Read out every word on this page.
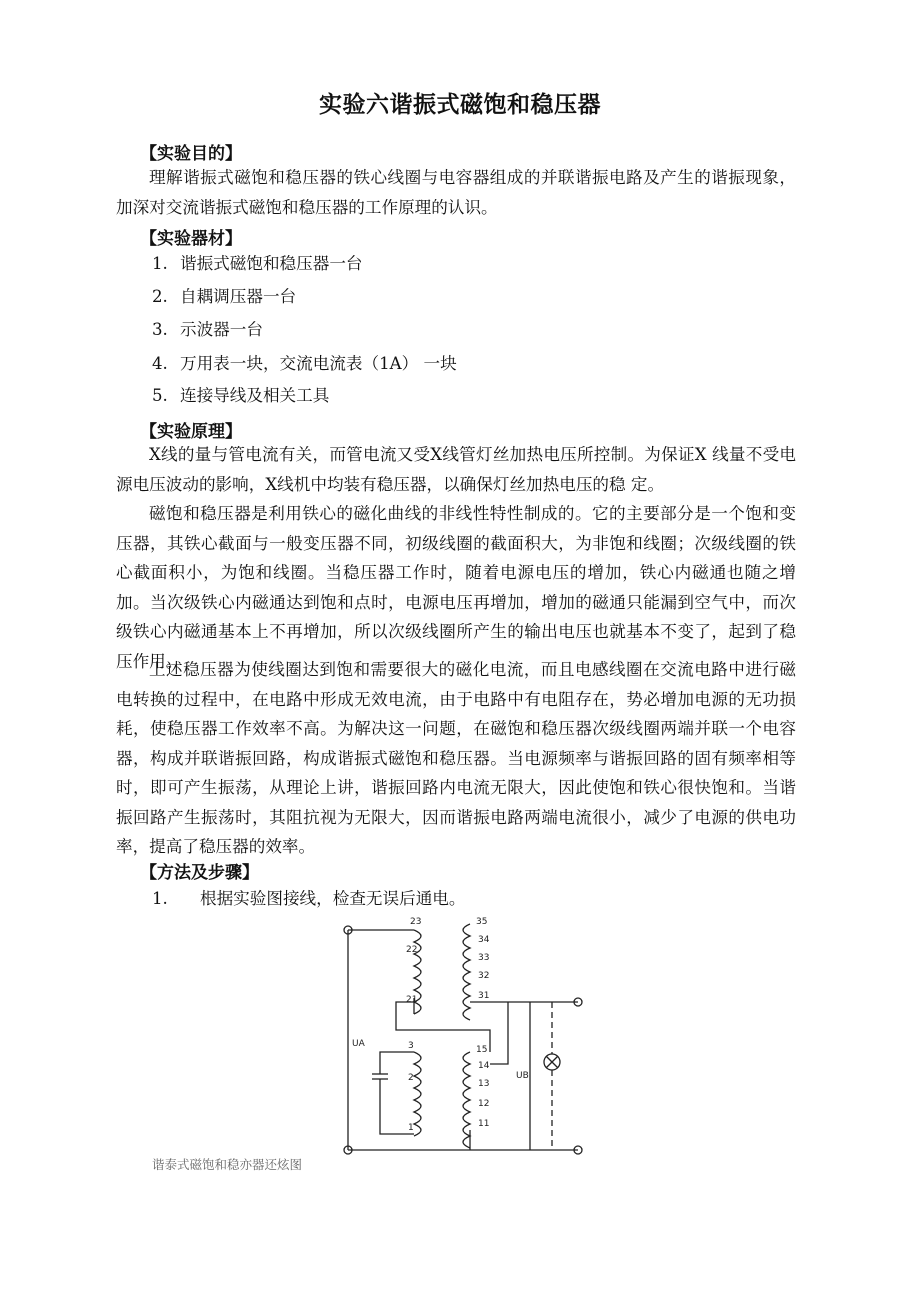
实验六谐振式磁饱和稳压器
【实验目的】
理解谐振式磁饱和稳压器的铁心线圈与电容器组成的并联谐振电路及产生的谐振现象，加深对交流谐振式磁饱和稳压器的工作原理的认识。
【实验器材】
1. 谐振式磁饱和稳压器一台
2. 自耦调压器一台
3. 示波器一台
4. 万用表一块，交流电流表（1A） 一块
5. 连接导线及相关工具
【实验原理】
X线的量与管电流有关，而管电流又受X线管灯丝加热电压所控制。为保证X 线量不受电源电压波动的影响，X线机中均装有稳压器，以确保灯丝加热电压的稳 定。
磁饱和稳压器是利用铁心的磁化曲线的非线性特性制成的。它的主要部分是一个饱和变压器，其铁心截面与一般变压器不同，初级线圈的截面积大，为非饱和线圈；次级线圈的铁心截面积小，为饱和线圈。当稳压器工作时，随着电源电压的增加，铁心内磁通也随之增加。当次级铁心内磁通达到饱和点时，电源电压再增加，增加的磁通只能漏到空气中，而次级铁心内磁通基本上不再增加，所以次级线圈所产生的输出电压也就基本不变了，起到了稳压作用。
上述稳压器为使线圈达到饱和需要很大的磁化电流，而且电感线圈在交流电路中进行磁电转换的过程中，在电路中形成无效电流，由于电路中有电阻存在，势必增加电源的无功损耗，使稳压器工作效率不高。为解决这一问题，在磁饱和稳压器次级线圈两端并联一个电容器，构成并联谐振回路，构成谐振式磁饱和稳压器。当电源频率与谐振回路的固有频率相等时，即可产生振荡，从理论上讲，谐振回路内电流无限大，因此使饱和铁心很快饱和。当谐振回路产生振荡时，其阻抗视为无限大，因而谐振电路两端电流很小，减少了电源的供电功率，提高了稳压器的效率。
【方法及步骤】
1. 根据实验图接线，检查无误后通电。
23
22
21
3
2
1
35
34
33
32
31
15
14
13
12
11
UA
UB
谐泰式磁饱和稳亦器还炫图
